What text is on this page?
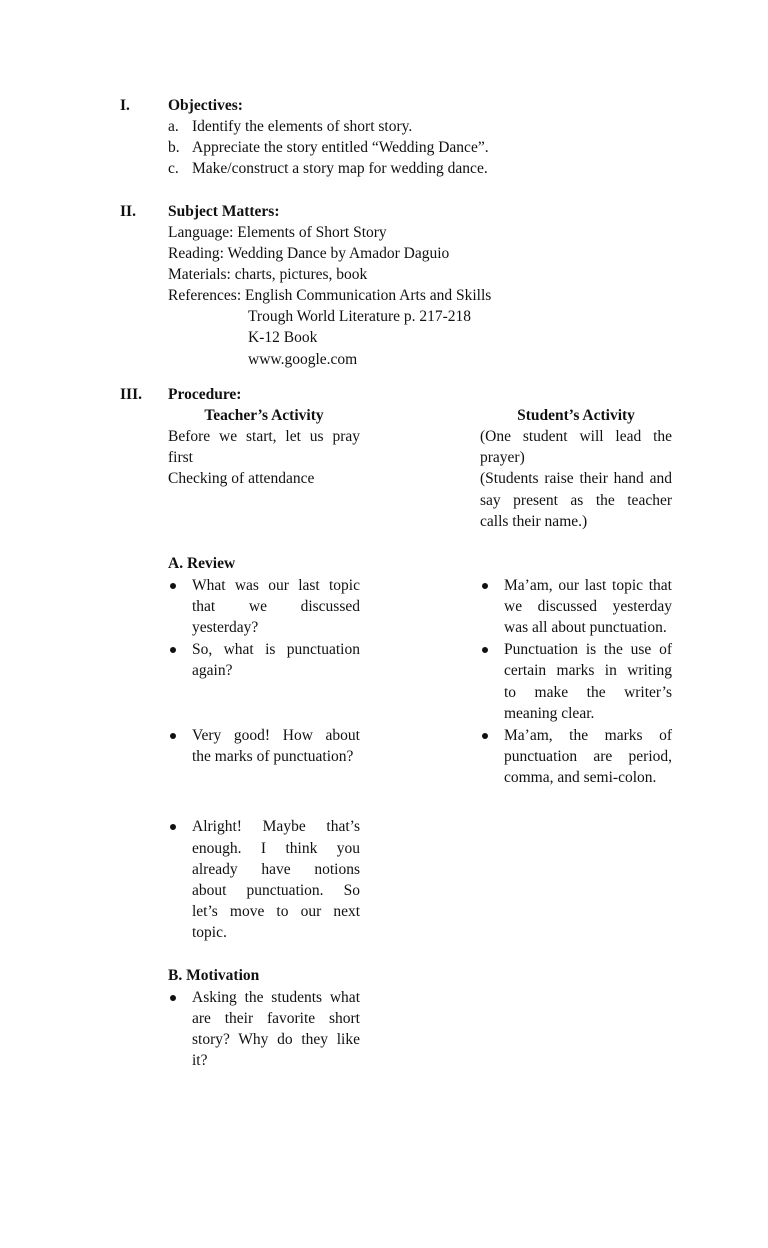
I. Objectives:
a. Identify the elements of short story.
b. Appreciate the story entitled “Wedding Dance”.
c. Make/construct a story map for wedding dance.
II. Subject Matters:
Language: Elements of Short Story
Reading: Wedding Dance by Amador Daguio
Materials: charts, pictures, book
References: English Communication Arts and Skills
Trough World Literature p. 217-218
K-12 Book
www.google.com
III. Procedure:
Teacher’s Activity	Student’s Activity
Before we start, let us pray
first
Checking of attendance
(One student will lead the
prayer)
(Students raise their hand and
say present as the teacher
calls their name.)
A. Review
What was our last topic
that we discussed
yesterday?
So, what is punctuation
again?
Very good! How about
the marks of punctuation?
Alright! Maybe that’s
enough. I think you
already have notions
about punctuation. So
let’s move to our next
topic.
Ma’am, our last topic that
we discussed yesterday
was all about punctuation.
Punctuation is the use of
certain marks in writing
to make the writer’s
meaning clear.
Ma’am, the marks of
punctuation are period,
comma, and semi-colon.
B. Motivation
Asking the students what
are their favorite short
story? Why do they like
it?
